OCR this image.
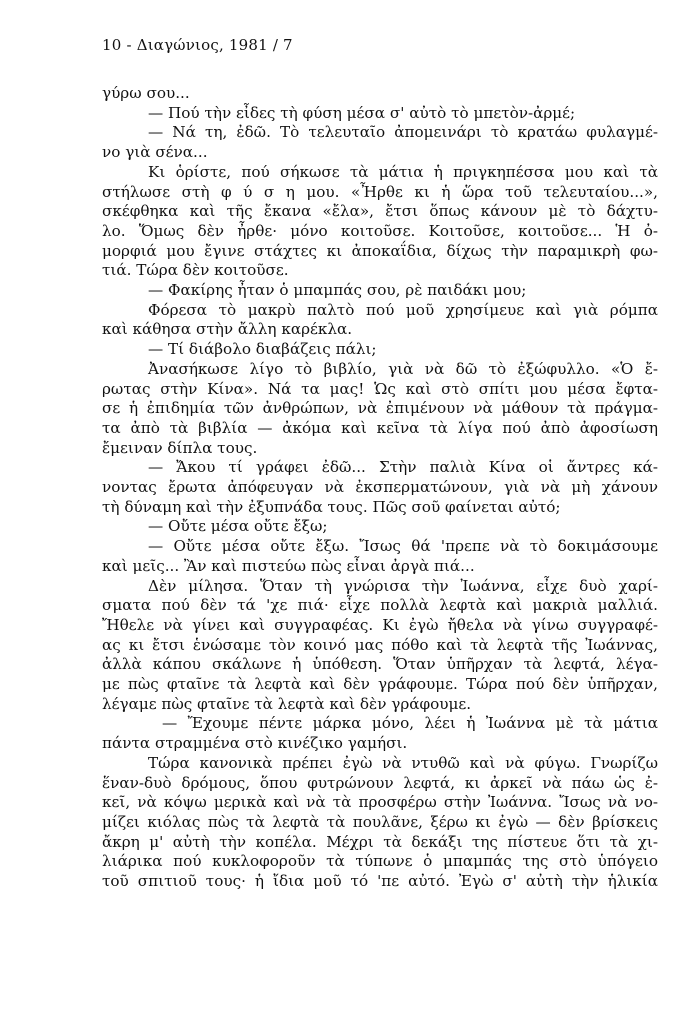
10 - Διαγώνιος, 1981 / 7
γύρω σου...
— Πού τὴν εἶδες τὴ φύση μέσα σ' αὐτὸ τὸ μπετὸν-ἀρμέ;
— Νά τη, ἐδῶ. Τὸ τελευταῖο ἀπομεινάρι τὸ κρατάω φυλαγμέ-
νο γιὰ σένα...
Κι ὁρίστε, πού σήκωσε τὰ μάτια ἡ πριγκηπέσσα μου καὶ τὰ
στήλωσε στὴ φ ύ σ η μου. «Ἦρθε κι ἡ ὥρα τοῦ τελευταίου...»,
σκέφθηκα καὶ τῆς ἔκανα «ἔλα», ἔτσι ὅπως κάνουν μὲ τὸ δάχτυ-
λο. Ὅμως δὲν ἦρθε· μόνο κοιτοῦσε. Κοιτοῦσε, κοιτοῦσε... Ἡ ὀ-
μορφιά μου ἔγινε στάχτες κι ἀποκαΐδια, δίχως τὴν παραμικρὴ φω-
τιά. Τώρα δὲν κοιτοῦσε.
— Φακίρης ἦταν ὁ μπαμπάς σου, ρὲ παιδάκι μου;
Φόρεσα τὸ μακρὺ παλτὸ πού μοῦ χρησίμευε καὶ γιὰ ρόμπα
καὶ κάθησα στὴν ἄλλη καρέκλα.
— Τί διάβολο διαβάζεις πάλι;
Ἀνασήκωσε λίγο τὸ βιβλίο, γιὰ νὰ δῶ τὸ ἐξώφυλλο. «Ὁ ἔ-
ρωτας στὴν Κίνα». Νά τα μας! Ὡς καὶ στὸ σπίτι μου μέσα ἔφτα-
σε ἡ ἐπιδημία τῶν ἀνθρώπων, νὰ ἐπιμένουν νὰ μάθουν τὰ πράγμα-
τα ἀπὸ τὰ βιβλία — ἀκόμα καὶ κεῖνα τὰ λίγα πού ἀπὸ ἀφοσίωση
ἔμειναν δίπλα τους.
— Ἄκου τί γράφει ἐδῶ... Στὴν παλιὰ Κίνα οἱ ἄντρες κά-
νοντας ἔρωτα ἀπόφευγαν νὰ ἐκσπερματώνουν, γιὰ νὰ μὴ χάνουν
τὴ δύναμη καὶ τὴν ἐξυπνάδα τους. Πῶς σοῦ φαίνεται αὐτό;
— Οὔτε μέσα οὔτε ἔξω;
— Οὔτε μέσα οὔτε ἔξω. Ἴσως θά 'πρεπε νὰ τὸ δοκιμάσουμε
καὶ μεῖς... Ἂν καὶ πιστεύω πὼς εἶναι ἀργὰ πιά...
Δὲν μίλησα. Ὅταν τὴ γνώρισα τὴν Ἰωάννα, εἶχε δυὸ χαρί-
σματα πού δὲν τά 'χε πιά· εἶχε πολλὰ λεφτὰ καὶ μακριὰ μαλλιά.
Ἤθελε νὰ γίνει καὶ συγγραφέας. Κι ἐγὼ ἤθελα νὰ γίνω συγγραφέ-
ας κι ἔτσι ἑνώσαμε τὸν κοινό μας πόθο καὶ τὰ λεφτὰ τῆς Ἰωάννας,
ἀλλὰ κάπου σκάλωνε ἡ ὑπόθεση. Ὅταν ὑπῆρχαν τὰ λεφτά, λέγα-
με πὼς φταῖνε τὰ λεφτὰ καὶ δὲν γράφουμε. Τώρα πού δὲν ὑπῆρχαν,
λέγαμε πὼς φταῖνε τὰ λεφτὰ καὶ δὲν γράφουμε.
— Ἔχουμε πέντε μάρκα μόνο, λέει ἡ Ἰωάννα μὲ τὰ μάτια
πάντα στραμμένα στὸ κινέζικο γαμήσι.
Τώρα κανονικὰ πρέπει ἐγὼ νὰ ντυθῶ καὶ νὰ φύγω. Γνωρίζω
ἕναν-δυὸ δρόμους, ὅπου φυτρώνουν λεφτά, κι ἀρκεῖ νὰ πάω ὡς ἐ-
κεῖ, νὰ κόψω μερικὰ καὶ νὰ τὰ προσφέρω στὴν Ἰωάννα. Ἴσως νὰ νο-
μίζει κιόλας πὼς τὰ λεφτὰ τὰ πουλᾶνε, ξέρω κι ἐγὼ — δὲν βρίσκεις
ἄκρη μ' αὐτὴ τὴν κοπέλα. Μέχρι τὰ δεκάξι της πίστευε ὅτι τὰ χι-
λιάρικα πού κυκλοφοροῦν τὰ τύπωνε ὁ μπαμπάς της στὸ ὑπόγειο
τοῦ σπιτιοῦ τους· ἡ ἴδια μοῦ τό 'πε αὐτό. Ἐγὼ σ' αὐτὴ τὴν ἡλικία
